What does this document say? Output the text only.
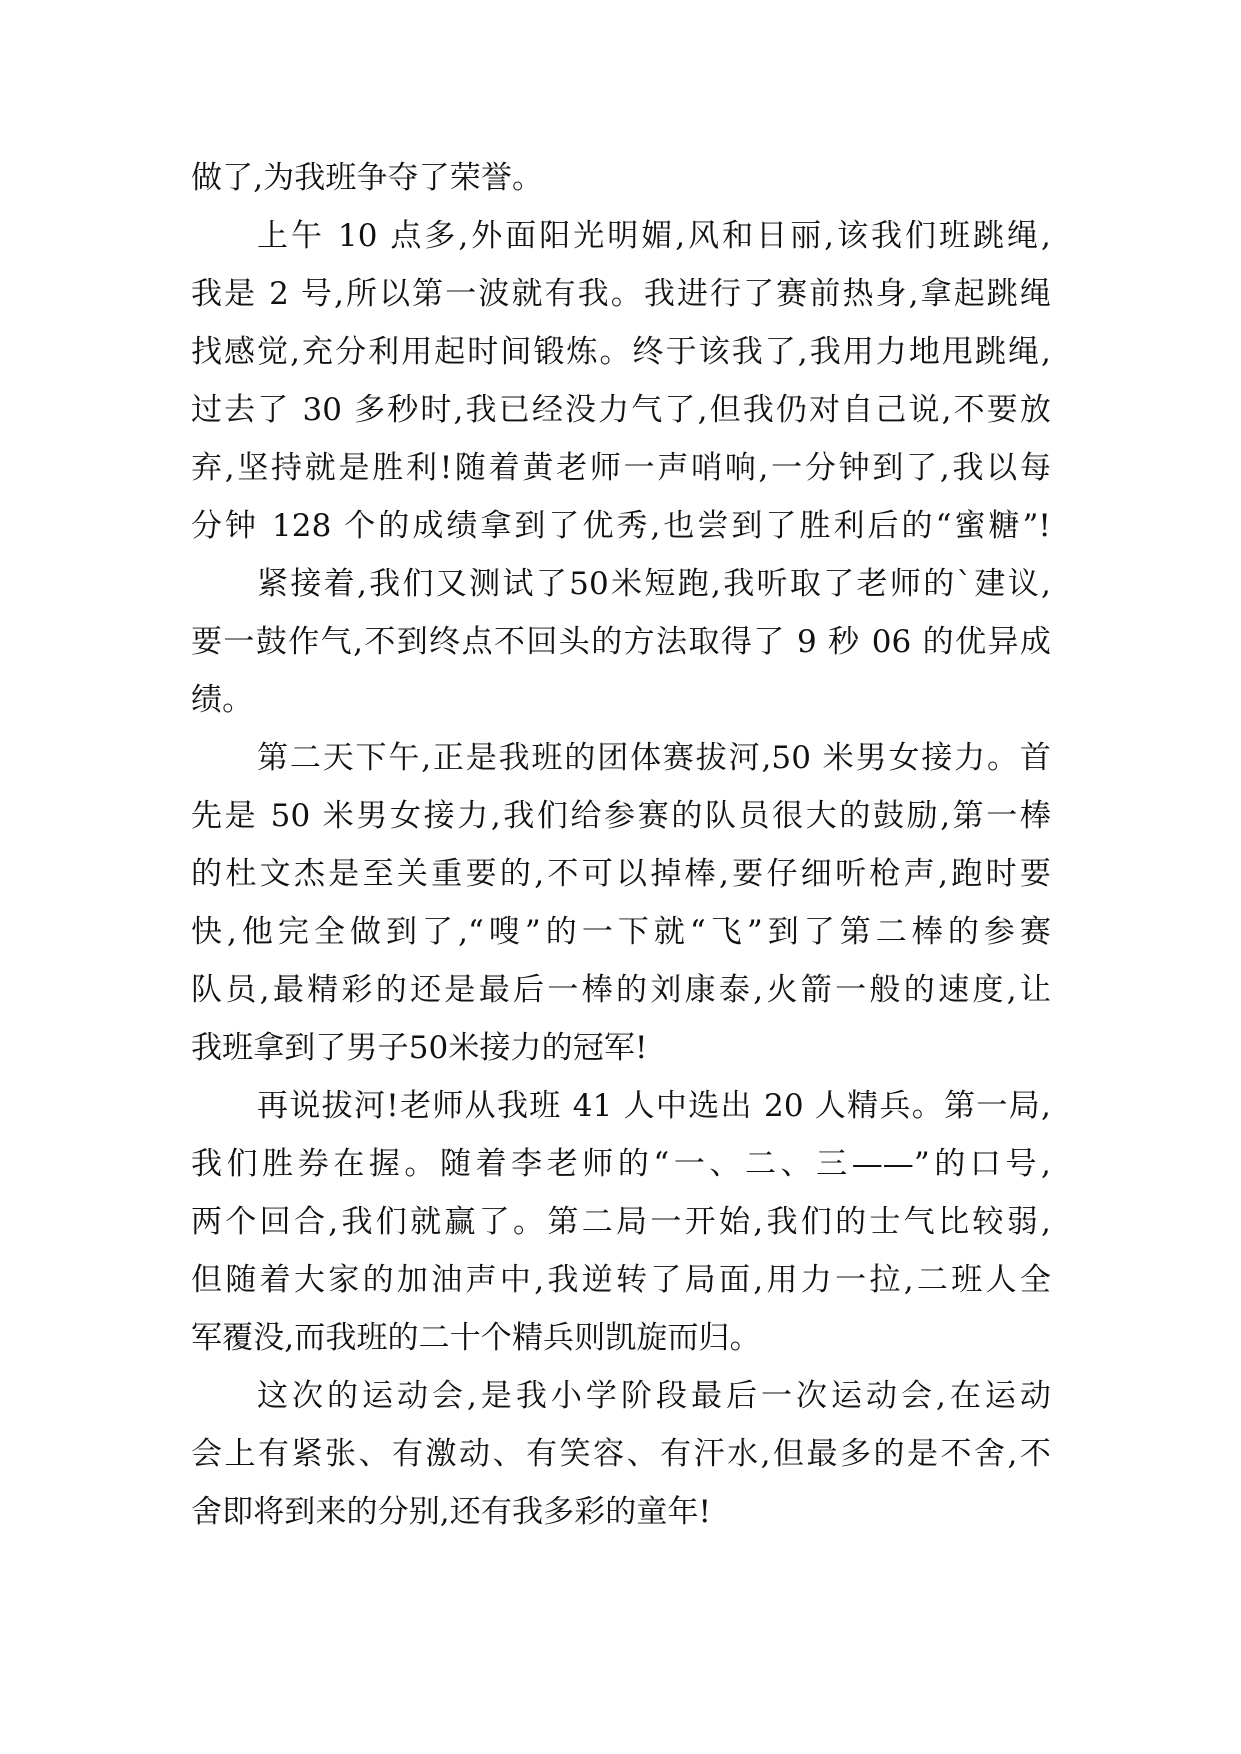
做了,为我班争夺了荣誉。
上午 10 点多,外面阳光明媚,风和日丽,该我们班跳绳,
我是 2 号,所以第一波就有我。我进行了赛前热身,拿起跳绳
找感觉,充分利用起时间锻炼。终于该我了,我用力地甩跳绳,
过去了 30 多秒时,我已经没力气了,但我仍对自己说,不要放
弃,坚持就是胜利!随着黄老师一声哨响,一分钟到了,我以每
分钟 128 个的成绩拿到了优秀,也尝到了胜利后的“蜜糖”!
紧接着,我们又测试了50米短跑,我听取了老师的`建议,
要一鼓作气,不到终点不回头的方法取得了 9 秒 06 的优异成
绩。
第二天下午,正是我班的团体赛拔河,50 米男女接力。首
先是 50 米男女接力,我们给参赛的队员很大的鼓励,第一棒
的杜文杰是至关重要的,不可以掉棒,要仔细听枪声,跑时要
快,他完全做到了,“嗖”的一下就“飞”到了第二棒的参赛
队员,最精彩的还是最后一棒的刘康泰,火箭一般的速度,让
我班拿到了男子50米接力的冠军!
再说拔河!老师从我班 41 人中选出 20 人精兵。第一局,
我们胜券在握。随着李老师的“一、二、三——”的口号,
两个回合,我们就赢了。第二局一开始,我们的士气比较弱,
但随着大家的加油声中,我逆转了局面,用力一拉,二班人全
军覆没,而我班的二十个精兵则凯旋而归。
这次的运动会,是我小学阶段最后一次运动会,在运动
会上有紧张、有激动、有笑容、有汗水,但最多的是不舍,不
舍即将到来的分别,还有我多彩的童年!
